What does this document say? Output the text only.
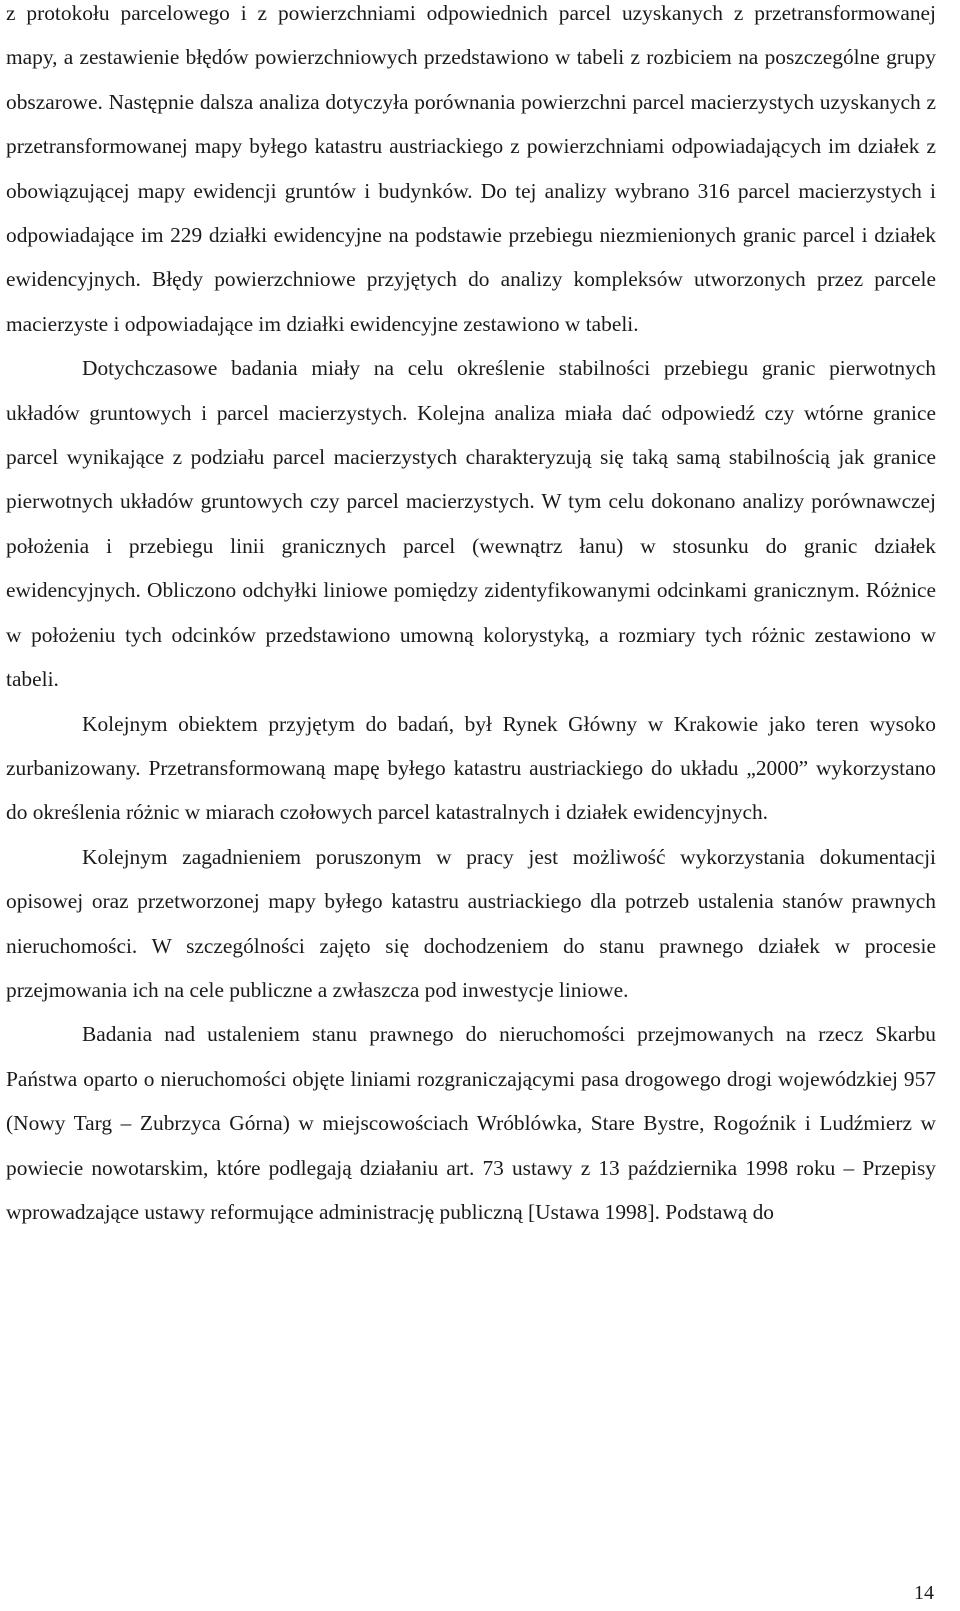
z protokołu parcelowego i z powierzchniami odpowiednich parcel uzyskanych z przetransformowanej mapy, a zestawienie błędów powierzchniowych przedstawiono w tabeli z rozbiciem na poszczególne grupy obszarowe. Następnie dalsza analiza dotyczyła porównania powierzchni parcel macierzystych uzyskanych z przetransformowanej mapy byłego katastru austriackiego z powierzchniami odpowiadających im działek z obowiązującej mapy ewidencji gruntów i budynków. Do tej analizy wybrano 316 parcel macierzystych i odpowiadające im 229 działki ewidencyjne na podstawie przebiegu niezmienionych granic parcel i działek ewidencyjnych. Błędy powierzchniowe przyjętych do analizy kompleksów utworzonych przez parcele macierzyste i odpowiadające im działki ewidencyjne zestawiono w tabeli.

Dotychczasowe badania miały na celu określenie stabilności przebiegu granic pierwotnych układów gruntowych i parcel macierzystych. Kolejna analiza miała dać odpowiedź czy wtórne granice parcel wynikające z podziału parcel macierzystych charakteryzują się taką samą stabilnością jak granice pierwotnych układów gruntowych czy parcel macierzystych. W tym celu dokonano analizy porównawczej położenia i przebiegu linii granicznych parcel (wewnątrz łanu) w stosunku do granic działek ewidencyjnych. Obliczono odchyłki liniowe pomiędzy zidentyfikowanymi odcinkami granicznym. Różnice w położeniu tych odcinków przedstawiono umowną kolorystyką, a rozmiary tych różnic zestawiono w tabeli.

Kolejnym obiektem przyjętym do badań, był Rynek Główny w Krakowie jako teren wysoko zurbanizowany. Przetransformowaną mapę byłego katastru austriackiego do układu „2000” wykorzystano do określenia różnic w miarach czołowych parcel katastralnych i działek ewidencyjnych.

Kolejnym zagadnieniem poruszonym w pracy jest możliwość wykorzystania dokumentacji opisowej oraz przetworzonej mapy byłego katastru austriackiego dla potrzeb ustalenia stanów prawnych nieruchomości. W szczególności zajęto się dochodzeniem do stanu prawnego działek w procesie przejmowania ich na cele publiczne a zwłaszcza pod inwestycje liniowe.

Badania nad ustaleniem stanu prawnego do nieruchomości przejmowanych na rzecz Skarbu Państwa oparto o nieruchomości objęte liniami rozgraniczającymi pasa drogowego drogi wojewódzkiej 957 (Nowy Targ – Zubrzyca Górna) w miejscowościach Wróblówka, Stare Bystre, Rogoźnik i Ludźmierz w powiecie nowotarskim, które podlegają działaniu art. 73 ustawy z 13 października 1998 roku – Przepisy wprowadzające ustawy reformujące administrację publiczną [Ustawa 1998]. Podstawą do

14
